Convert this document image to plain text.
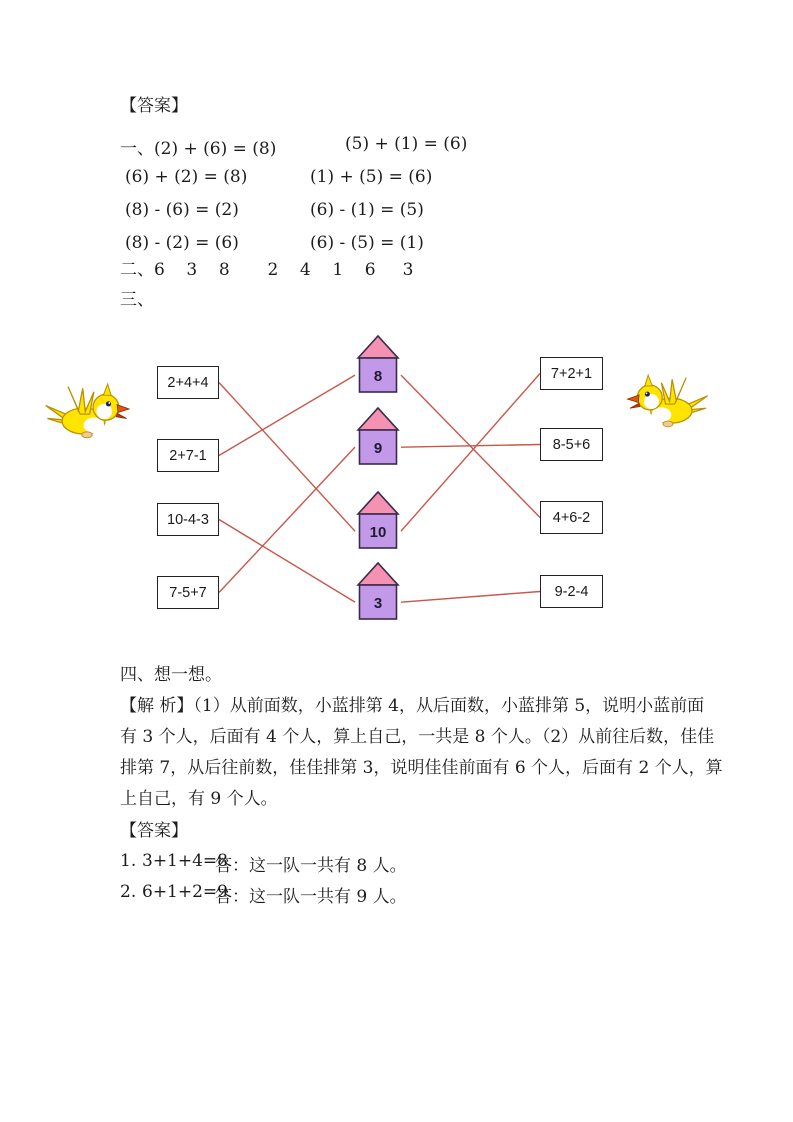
【答案】
一、(2) + (6) = (8)	(5) + (1) = (6)
(6) + (2) = (8)	(1) + (5) = (6)
(8) - (6) = (2)	(6) - (1) = (5)
(8) - (2) = (6)	(6) - (5) = (1)
二、6    3    8       2    4    1    6     3
三、
2+4+4
2+7-1
10-4-3
7-5+7
8
9
10
3
7+2+1
8-5+6
4+6-2
9-2-4
四、想一想。
【解 析】（1）从前面数，小蓝排第 4，从后面数，小蓝排第 5，说明小蓝前面
有 3 个人，后面有 4 个人，算上自己，一共是 8 个人。（2）从前往后数，佳佳
排第 7，从后往前数，佳佳排第 3，说明佳佳前面有 6 个人，后面有 2 个人，算
上自己，有 9 个人。
【答案】
1. 3+1+4=8
答：这一队一共有 8 人。
2. 6+1+2=9
答：这一队一共有 9 人。
